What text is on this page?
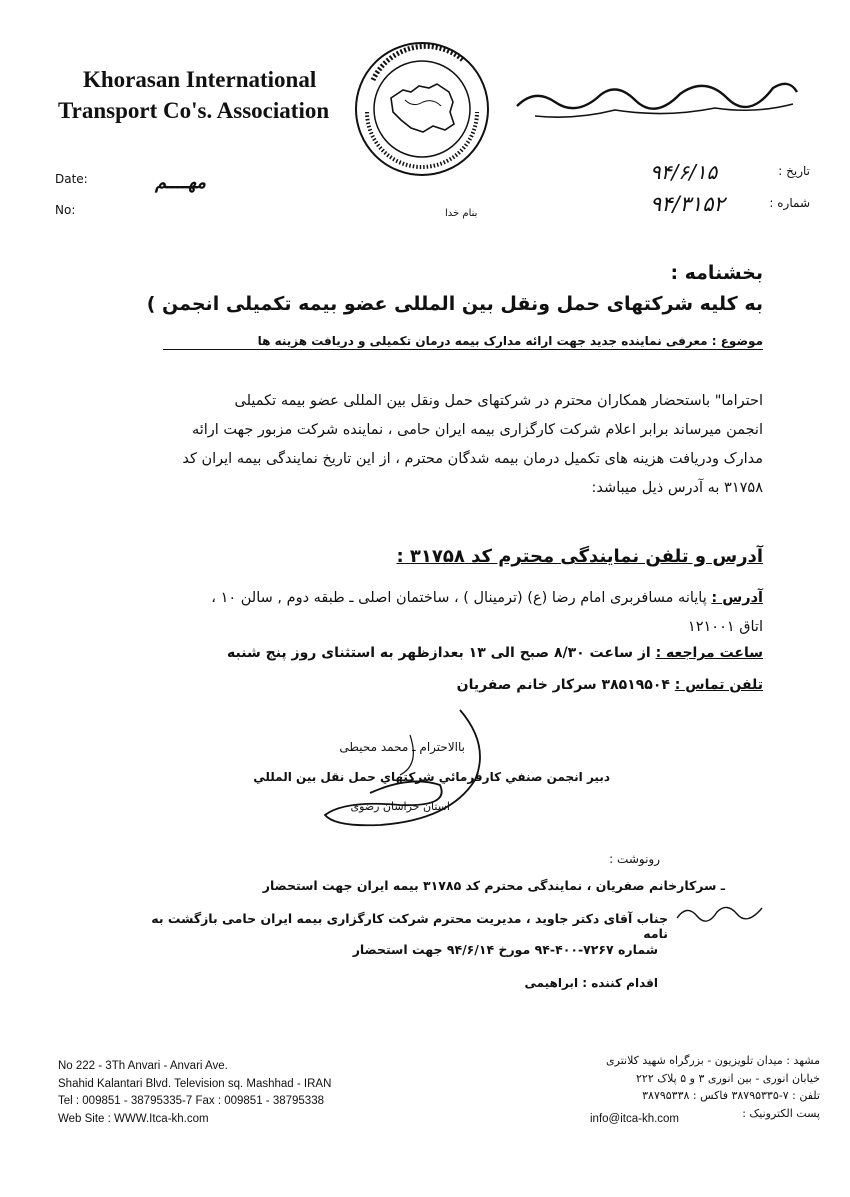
Khorasan International
Transport Co's. Association
Date:
No:
مهــــم
بنام خدا
تاریخ :
شماره :
۹۴/۶/۱۵
۹۴/۳۱۵۲
بخشنامه :
به کلیه شرکتهای حمل ونقل بین المللی عضو بیمه تکمیلی انجمن )
موضوع : معرفی نماینده جدید جهت ارائه مدارک بیمه درمان تکمیلی و دریافت هزینه ها
احتراما" باستحضار همکاران محترم در شرکتهای حمل ونقل بین المللی عضو بیمه تکمیلی
انجمن میرساند برابر اعلام شرکت کارگزاری بیمه ایران حامی ، نماینده شرکت مزبور جهت ارائه
مدارک ودریافت هزینه های تکمیل درمان بیمه شدگان محترم ، از این تاریخ نمایندگی بیمه ایران کد
۳۱۷۵۸ به آدرس ذیل میباشد:
آدرس و تلفن نمایندگی محترم کد ۳۱۷۵۸ :
آدرس : پایانه مسافربری امام رضا (ع) (ترمینال ) ، ساختمان اصلی ـ طبقه دوم , سالن ۱۰ ،
اتاق ۱۲۱۰۰۱
ساعت مراجعه : از ساعت ۸/۳۰ صبح الی ۱۳ بعدازظهر به استثنای روز پنج شنبه
تلفن تماس : ۳۸۵۱۹۵۰۴ سرکار خانم صفریان
باالاحترام ـ محمد محیطی
دبیر انجمن صنفي کارفرمائي شرکتهاي حمل نقل بین المللي
استان خراسان رضوی
رونوشت :
ـ سرکارخانم صفریان ، نمایندگی محترم کد ۳۱۷۸۵ بیمه ایران جهت استحضار
جناب آقای دکتر جاوید ، مدیریت محترم شرکت کارگزاری بیمه ایران حامی بازگشت به نامه
شماره ۷۲۶۷-۴۰۰-۹۴ مورخ ۹۴/۶/۱۴ جهت استحضار
اقدام کننده : ابراهیمی
No 222 - 3Th Anvari - Anvari Ave.
Shahid Kalantari Blvd. Television sq. Mashhad - IRAN
Tel : 009851 - 38795335-7 Fax : 009851 - 38795338
Web Site : WWW.Itca-kh.com
مشهد : میدان تلویزیون - بزرگراه شهید کلانتری
خیابان انوری - بین انوری ۳ و ۵ پلاک ۲۲۲
تلفن : ۷-۳۸۷۹۵۳۳۵ فاکس : ۳۸۷۹۵۳۳۸
پست الکترونیک :
info@itca-kh.com
